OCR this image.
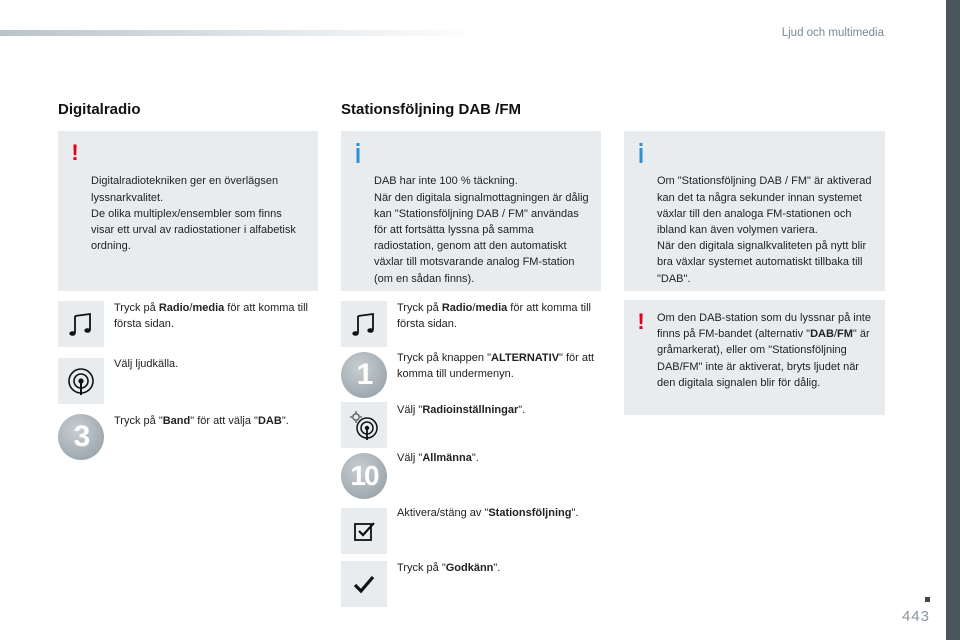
Ljud och multimedia
Digitalradio

!

Digitalradiotekniken ger en överlägsen lyssnarkvalitet.
De olika multiplex/ensembler som finns visar ett urval av radiostationer i alfabetisk ordning.

Tryck på Radio/media för att komma till första sidan.
Välj ljudkälla.
3	Tryck på "Band" för att välja "DAB".
Stationsföljning DAB /FM

DAB har inte 100 % täckning.
När den digitala signalmottagningen är dålig kan "Stationsföljning DAB / FM" användas för att fortsätta lyssna på samma radiostation, genom att den automatiskt växlar till motsvarande analog FM-station (om en sådan finns).

Om "Stationsföljning DAB / FM" är aktiverad kan det ta några sekunder innan systemet växlar till den analoga FM-stationen och ibland kan även volymen variera.
När den digitala signalkvaliteten på nytt blir bra växlar systemet automatiskt tillbaka till "DAB".

!	Om den DAB-station som du lyssnar på inte finns på FM-bandet (alternativ "DAB/FM" är gråmarkerat), eller om "Stationsföljning DAB/FM" inte är aktiverat, bryts ljudet när den digitala signalen blir för dålig.
Tryck på Radio/media för att komma till första sidan.
1	Tryck på knappen "ALTERNATIV" för att komma till undermenyn.
Välj "Radioinställningar".
10
Välj "Allmänna".
Aktivera/stäng av "Stationsföljning".
Tryck på "Godkänn".
443
